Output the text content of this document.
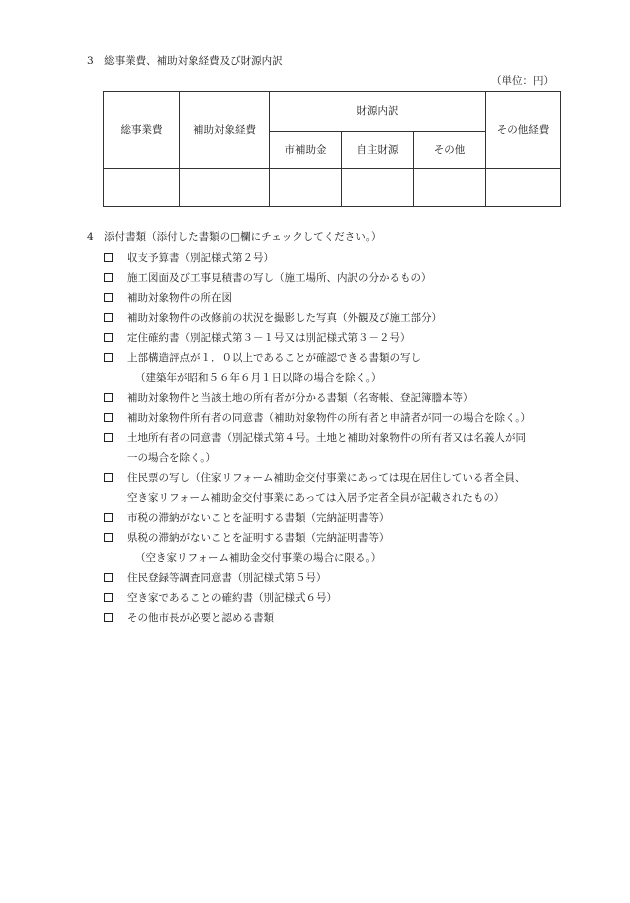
3　総事業費、補助対象経費及び財源内訳
（単位：円）
総事業費	補助対象経費	財源内訳			その他経費
		市補助金	自主財源	その他	

4　添付書類（添付した書類の□欄にチェックしてください。）
収支予算書（別記様式第２号）
施工図面及び工事見積書の写し（施工場所、内訳の分かるもの）
補助対象物件の所在図
補助対象物件の改修前の状況を撮影した写真（外観及び施工部分）
定住確約書（別記様式第３－１号又は別記様式第３－２号）
上部構造評点が１．０以上であることが確認できる書類の写し
（建築年が昭和５６年６月１日以降の場合を除く。）
補助対象物件と当該土地の所有者が分かる書類（名寄帳、登記簿謄本等）
補助対象物件所有者の同意書（補助対象物件の所有者と申請者が同一の場合を除く。）
土地所有者の同意書（別記様式第４号。土地と補助対象物件の所有者又は名義人が同
一の場合を除く。）
住民票の写し（住家リフォーム補助金交付事業にあっては現在居住している者全員、
空き家リフォーム補助金交付事業にあっては入居予定者全員が記載されたもの）
市税の滞納がないことを証明する書類（完納証明書等）
県税の滞納がないことを証明する書類（完納証明書等）
（空き家リフォーム補助金交付事業の場合に限る。）
住民登録等調査同意書（別記様式第５号）
空き家であることの確約書（別記様式６号）
その他市長が必要と認める書類
